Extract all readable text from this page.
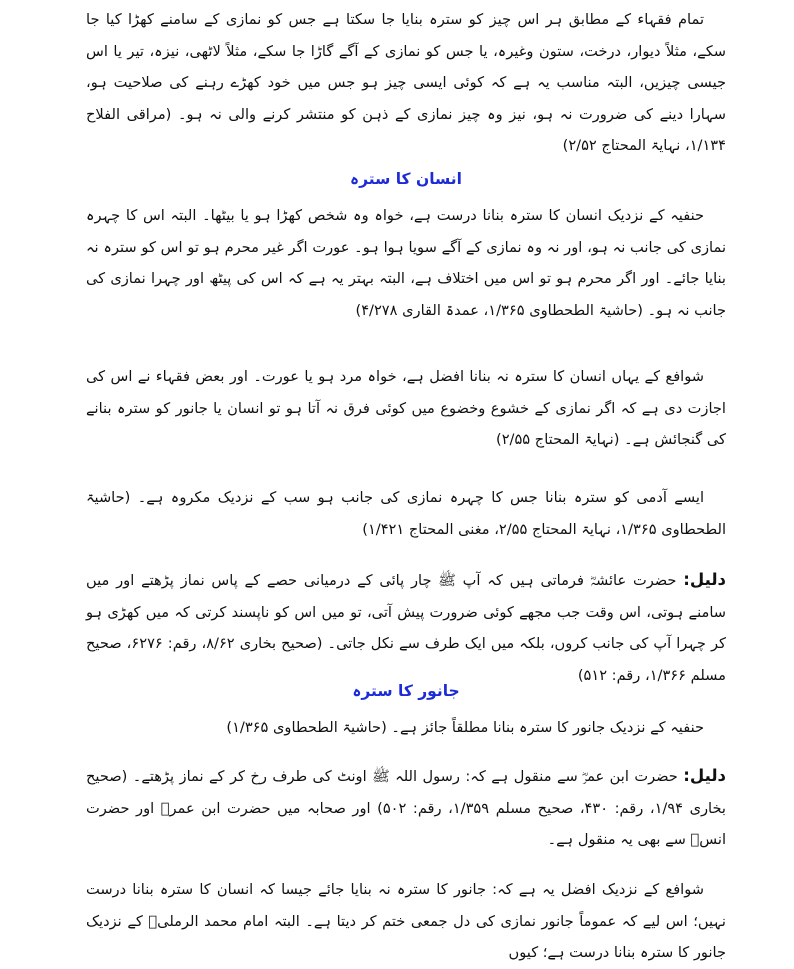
تمام فقہاء کے مطابق ہر اس چیز کو سترہ بنایا جا سکتا ہے جس کو نمازی کے سامنے کھڑا کیا جا سکے، مثلاً دیوار، درخت، ستون وغیرہ، یا جس کو نمازی کے آگے گاڑا جا سکے، مثلاً لاٹھی، نیزہ، تیر یا اس جیسی چیزیں، البتہ مناسب یہ ہے کہ کوئی ایسی چیز ہو جس میں خود کھڑے رہنے کی صلاحیت ہو، سہارا دینے کی ضرورت نہ ہو، نیز وہ چیز نمازی کے ذہن کو منتشر کرنے والی نہ ہو۔ (مراقی الفلاح ۱/۱۳۴، نہایۃ المحتاج ۲/۵۲)

انسان کا سترہ

حنفیہ کے نزدیک انسان کا سترہ بنانا درست ہے، خواہ وہ شخص کھڑا ہو یا بیٹھا۔ البتہ اس کا چہرہ نمازی کی جانب نہ ہو، اور نہ وہ نمازی کے آگے سویا ہوا ہو۔ عورت اگر غیر محرم ہو تو اس کو سترہ نہ بنایا جائے۔ اور اگر محرم ہو تو اس میں اختلاف ہے، البتہ بہتر یہ ہے کہ اس کی پیٹھ اور چہرا نمازی کی جانب نہ ہو۔ (حاشیۃ الطحطاوی ۱/۳۶۵، عمدۃ القاری ۴/۲۷۸)

شوافع کے یہاں انسان کا سترہ نہ بنانا افضل ہے، خواہ مرد ہو یا عورت۔ اور بعض فقہاء نے اس کی اجازت دی ہے کہ اگر نمازی کے خشوع وخضوع میں کوئی فرق نہ آتا ہو تو انسان یا جانور کو سترہ بنانے کی گنجائش ہے۔ (نہایۃ المحتاج ۲/۵۵)

ایسے آدمی کو سترہ بنانا جس کا چہرہ نمازی کی جانب ہو سب کے نزدیک مکروہ ہے۔ (حاشیۃ الطحطاوی ۱/۳۶۵، نہایۃ المحتاج ۲/۵۵، مغنی المحتاج ۱/۴۲۱)

دلیل: حضرت عائشہؓ فرماتی ہیں کہ آپ ﷺ چار پائی کے درمیانی حصے کے پاس نماز پڑھتے اور میں سامنے ہوتی، اس وقت جب مجھے کوئی ضرورت پیش آتی، تو میں اس کو ناپسند کرتی کہ میں کھڑی ہو کر چہرا آپ کی جانب کروں، بلکہ میں ایک طرف سے نکل جاتی۔ (صحیح بخاری ۸/۶۲، رقم: ۶۲۷۶، صحیح مسلم ۱/۳۶۶، رقم: ۵۱۲)

جانور کا سترہ

حنفیہ کے نزدیک جانور کا سترہ بنانا مطلقاً جائز ہے۔ (حاشیۃ الطحطاوی ۱/۳۶۵)

دلیل: حضرت ابن عمرؓ سے منقول ہے کہ: رسول اللہ ﷺ اونٹ کی طرف رخ کر کے نماز پڑھتے۔ (صحیح بخاری ۱/۹۴، رقم: ۴۳۰، صحیح مسلم ۱/۳۵۹، رقم: ۵۰۲) اور صحابہ میں حضرت ابن عمرؓ اور حضرت انسؓ سے بھی یہ منقول ہے۔

شوافع کے نزدیک افضل یہ ہے کہ: جانور کا سترہ نہ بنایا جائے جیسا کہ انسان کا سترہ بنانا درست نہیں؛ اس لیے کہ عموماً جانور نمازی کی دل جمعی ختم کر دیتا ہے۔ البتہ امام محمد الرملیؒ کے نزدیک جانور کا سترہ بنانا درست ہے؛ کیوں
